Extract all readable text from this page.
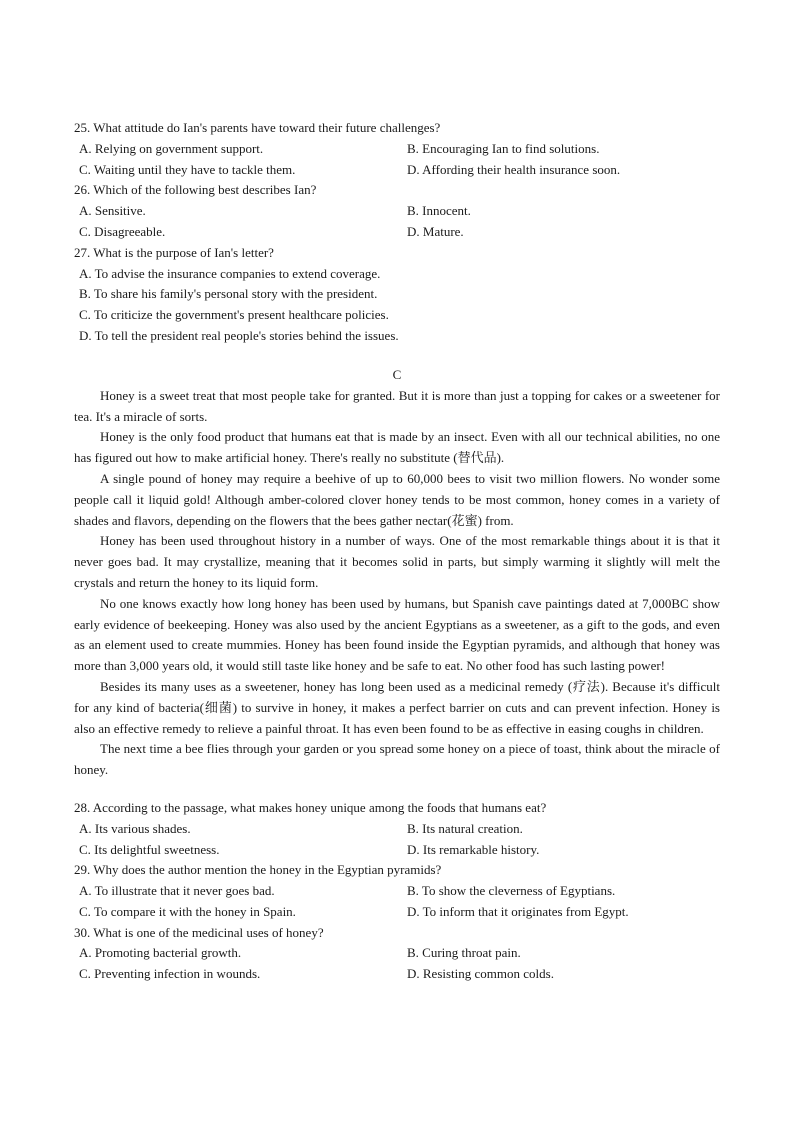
25. What attitude do Ian's parents have toward their future challenges?

A. Relying on government support.	B. Encouraging Ian to find solutions.
C. Waiting until they have to tackle them.	D. Affording their health insurance soon.

26. Which of the following best describes Ian?

A. Sensitive.	B. Innocent.
C. Disagreeable.	D. Mature.

27. What is the purpose of Ian's letter?

A. To advise the insurance companies to extend coverage.
B. To share his family's personal story with the president.
C. To criticize the government's present healthcare policies.
D. To tell the president real people's stories behind the issues.
C

Honey is a sweet treat that most people take for granted. But it is more than just a topping for cakes or a sweetener for tea. It's a miracle of sorts.

Honey is the only food product that humans eat that is made by an insect. Even with all our technical abilities, no one has figured out how to make artificial honey. There's really no substitute (替代品).

A single pound of honey may require a beehive of up to 60,000 bees to visit two million flowers. No wonder some people call it liquid gold! Although amber-colored clover honey tends to be most common, honey comes in a variety of shades and flavors, depending on the flowers that the bees gather nectar(花蜜) from.

Honey has been used throughout history in a number of ways. One of the most remarkable things about it is that it never goes bad. It may crystallize, meaning that it becomes solid in parts, but simply warming it slightly will melt the crystals and return the honey to its liquid form.

No one knows exactly how long honey has been used by humans, but Spanish cave paintings dated at 7,000BC show early evidence of beekeeping. Honey was also used by the ancient Egyptians as a sweetener, as a gift to the gods, and even as an element used to create mummies. Honey has been found inside the Egyptian pyramids, and although that honey was more than 3,000 years old, it would still taste like honey and be safe to eat. No other food has such lasting power!

Besides its many uses as a sweetener, honey has long been used as a medicinal remedy (疗法). Because it's difficult for any kind of bacteria(细菌) to survive in honey, it makes a perfect barrier on cuts and can prevent infection. Honey is also an effective remedy to relieve a painful throat. It has even been found to be as effective in easing coughs in children.

The next time a bee flies through your garden or you spread some honey on a piece of toast, think about the miracle of honey.

28. According to the passage, what makes honey unique among the foods that humans eat?

A. Its various shades.	B. Its natural creation.
C. Its delightful sweetness.	D. Its remarkable history.

29. Why does the author mention the honey in the Egyptian pyramids?

A. To illustrate that it never goes bad.	B. To show the cleverness of Egyptians.
C. To compare it with the honey in Spain.	D. To inform that it originates from Egypt.

30. What is one of the medicinal uses of honey?

A. Promoting bacterial growth.	B. Curing throat pain.
C. Preventing infection in wounds.	D. Resisting common colds.
